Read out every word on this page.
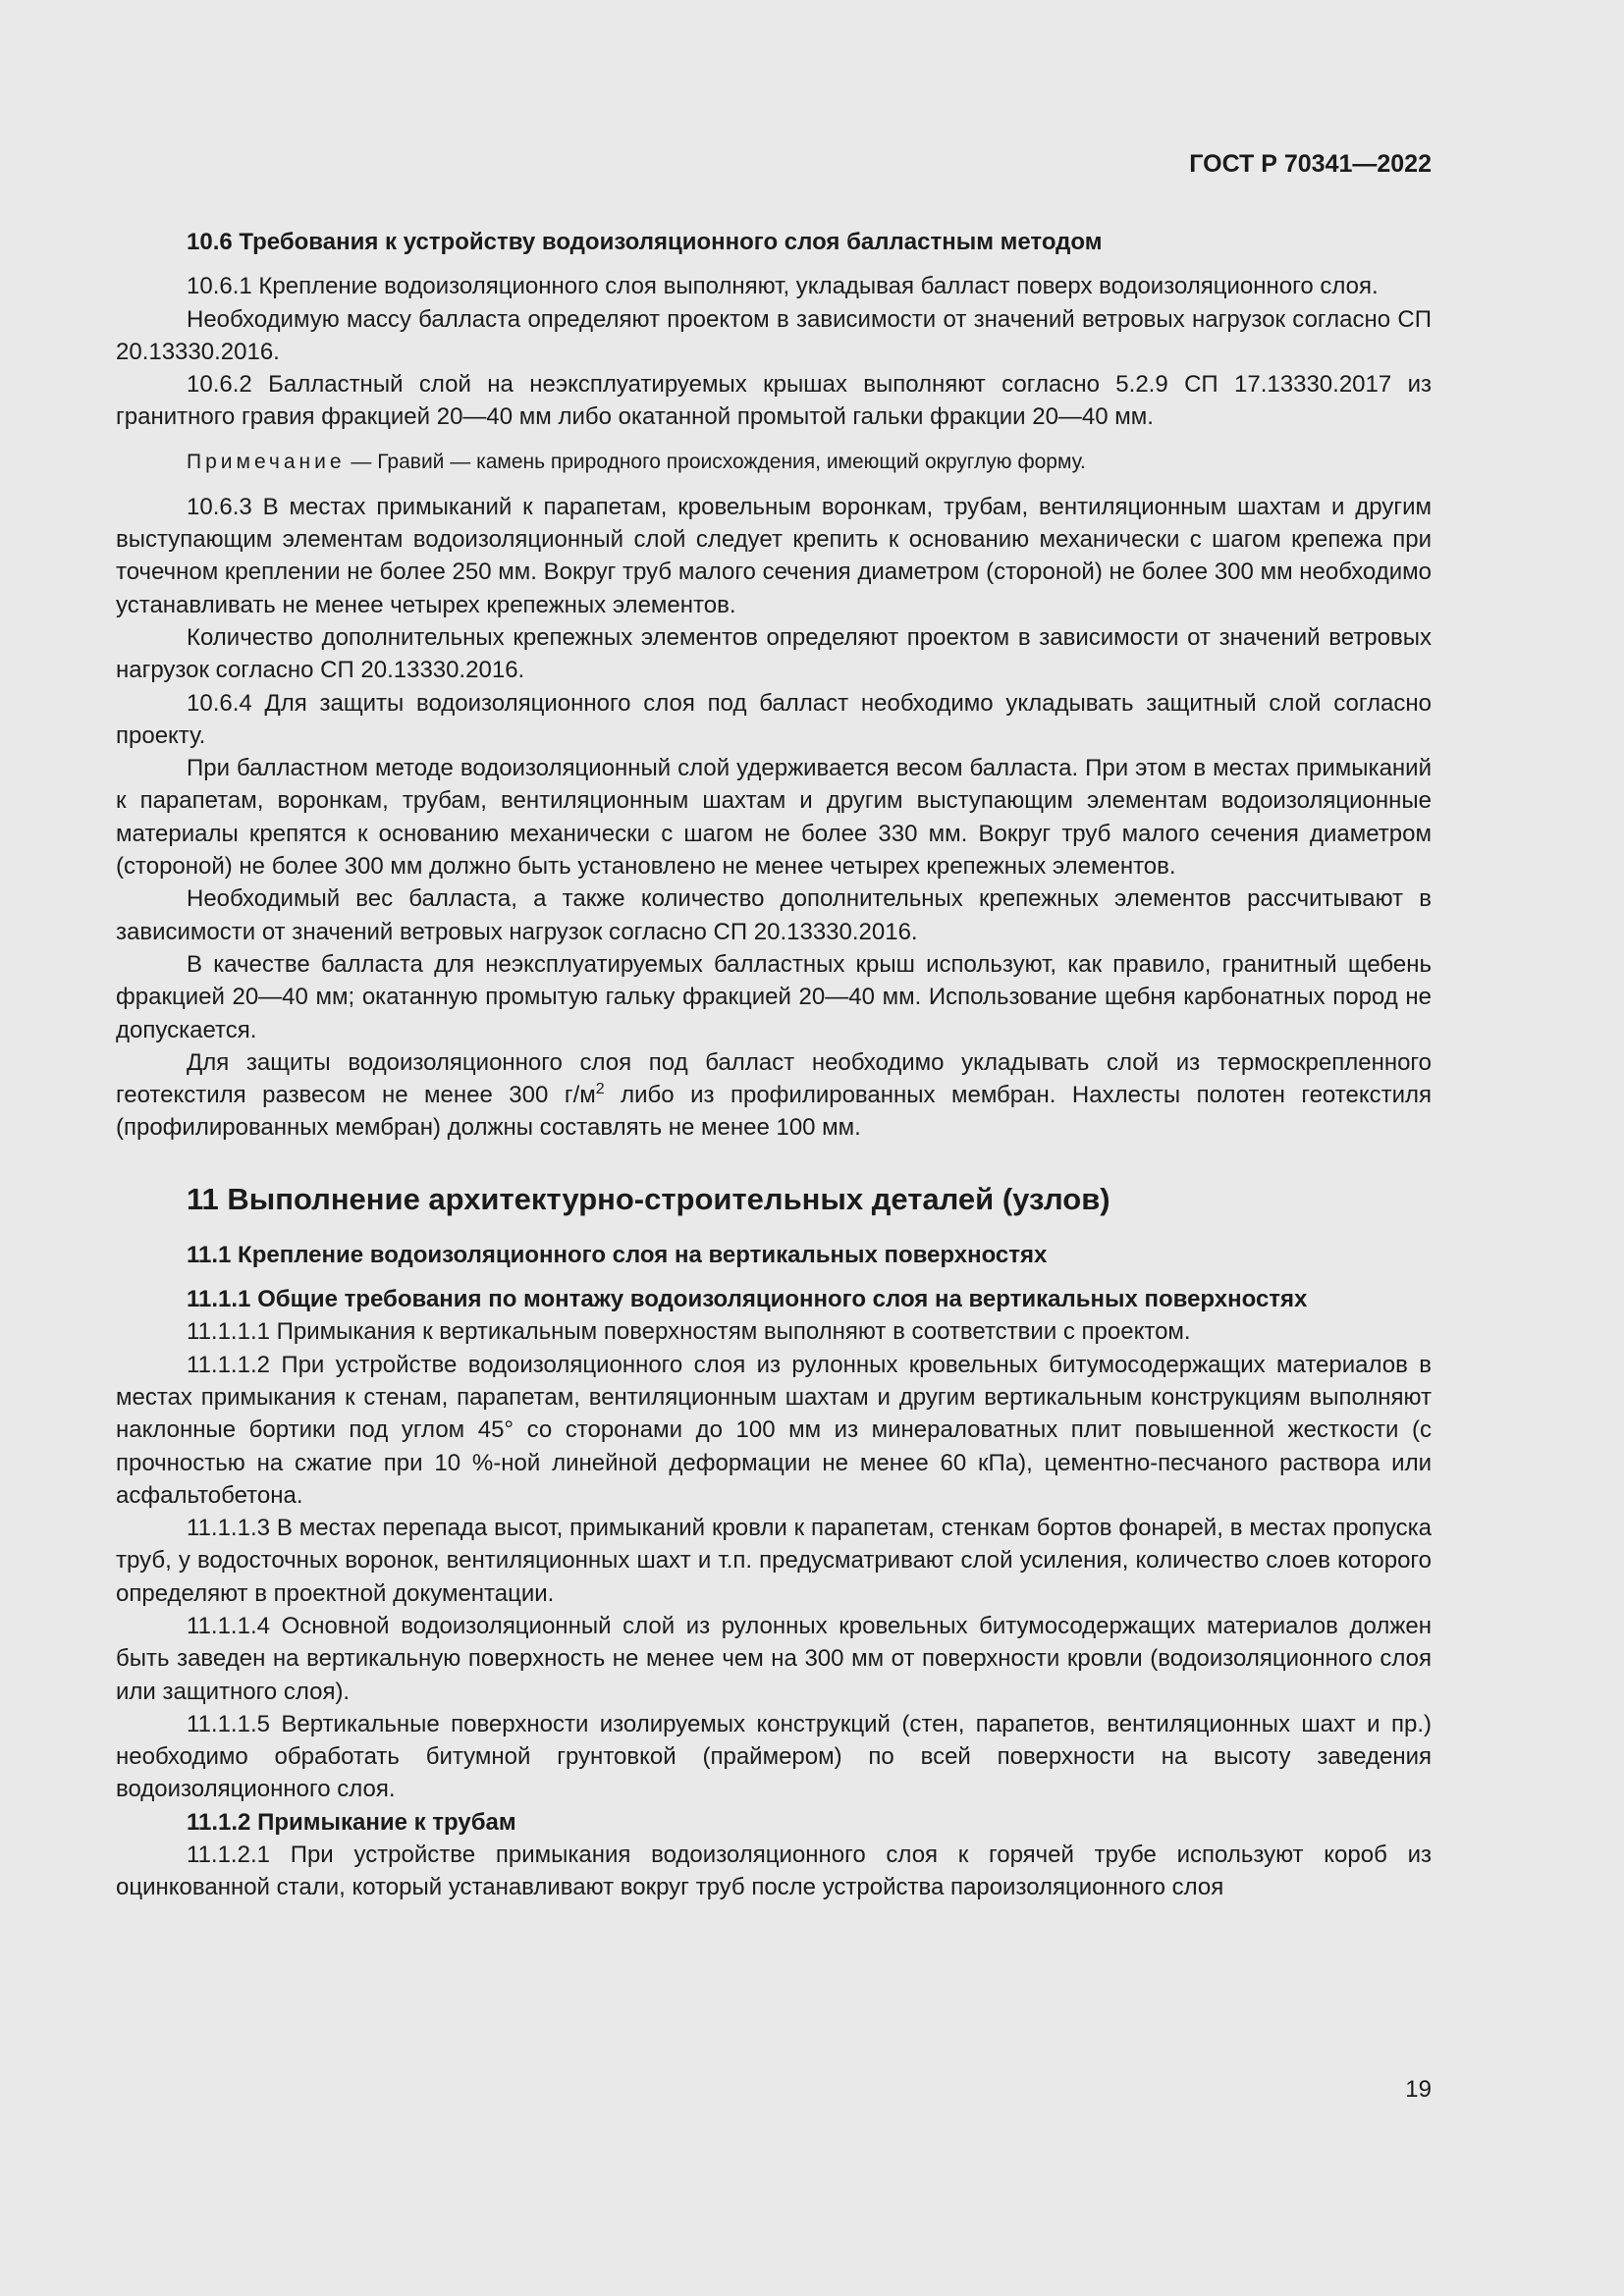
ГОСТ Р 70341—2022
10.6 Требования к устройству водоизоляционного слоя балластным методом

10.6.1 Крепление водоизоляционного слоя выполняют, укладывая балласт поверх водоизоляционного слоя.

Необходимую массу балласта определяют проектом в зависимости от значений ветровых нагрузок согласно СП 20.13330.2016.

10.6.2 Балластный слой на неэксплуатируемых крышах выполняют согласно 5.2.9 СП 17.13330.2017 из гранитного гравия фракцией 20—40 мм либо окатанной промытой гальки фракции 20—40 мм.

Примечание — Гравий — камень природного происхождения, имеющий округлую форму.

10.6.3 В местах примыканий к парапетам, кровельным воронкам, трубам, вентиляционным шахтам и другим выступающим элементам водоизоляционный слой следует крепить к основанию механически с шагом крепежа при точечном креплении не более 250 мм. Вокруг труб малого сечения диаметром (стороной) не более 300 мм необходимо устанавливать не менее четырех крепежных элементов.

Количество дополнительных крепежных элементов определяют проектом в зависимости от значений ветровых нагрузок согласно СП 20.13330.2016.

10.6.4 Для защиты водоизоляционного слоя под балласт необходимо укладывать защитный слой согласно проекту.

При балластном методе водоизоляционный слой удерживается весом балласта. При этом в местах примыканий к парапетам, воронкам, трубам, вентиляционным шахтам и другим выступающим элементам водоизоляционные материалы крепятся к основанию механически с шагом не более 330 мм. Вокруг труб малого сечения диаметром (стороной) не более 300 мм должно быть установлено не менее четырех крепежных элементов.

Необходимый вес балласта, а также количество дополнительных крепежных элементов рассчитывают в зависимости от значений ветровых нагрузок согласно СП 20.13330.2016.

В качестве балласта для неэксплуатируемых балластных крыш используют, как правило, гранитный щебень фракцией 20—40 мм; окатанную промытую гальку фракцией 20—40 мм. Использование щебня карбонатных пород не допускается.

Для защиты водоизоляционного слоя под балласт необходимо укладывать слой из термоскрепленного геотекстиля развесом не менее 300 $г/м^2$ либо из профилированных мембран. Нахлесты полотен геотекстиля (профилированных мембран) должны составлять не менее 100 мм.

11 Выполнение архитектурно-строительных деталей (узлов)
11.1 Крепление водоизоляционного слоя на вертикальных поверхностях
11.1.1 Общие требования по монтажу водоизоляционного слоя на вертикальных поверхностях

11.1.1.1 Примыкания к вертикальным поверхностям выполняют в соответствии с проектом.

11.1.1.2 При устройстве водоизоляционного слоя из рулонных кровельных битумосодержащих материалов в местах примыкания к стенам, парапетам, вентиляционным шахтам и другим вертикальным конструкциям выполняют наклонные бортики под углом 45° со сторонами до 100 мм из минераловатных плит повышенной жесткости (с прочностью на сжатие при 10 %-ной линейной деформации не менее 60 кПа), цементно-песчаного раствора или асфальтобетона.

11.1.1.3 В местах перепада высот, примыканий кровли к парапетам, стенкам бортов фонарей, в местах пропуска труб, у водосточных воронок, вентиляционных шахт и т.п. предусматривают слой усиления, количество слоев которого определяют в проектной документации.

11.1.1.4 Основной водоизоляционный слой из рулонных кровельных битумосодержащих материалов должен быть заведен на вертикальную поверхность не менее чем на 300 мм от поверхности кровли (водоизоляционного слоя или защитного слоя).

11.1.1.5 Вертикальные поверхности изолируемых конструкций (стен, парапетов, вентиляционных шахт и пр.) необходимо обработать битумной грунтовкой (праймером) по всей поверхности на высоту заведения водоизоляционного слоя.

11.1.2 Примыкание к трубам

11.1.2.1 При устройстве примыкания водоизоляционного слоя к горячей трубе используют короб из оцинкованной стали, который устанавливают вокруг труб после устройства пароизоляционного слоя

19
